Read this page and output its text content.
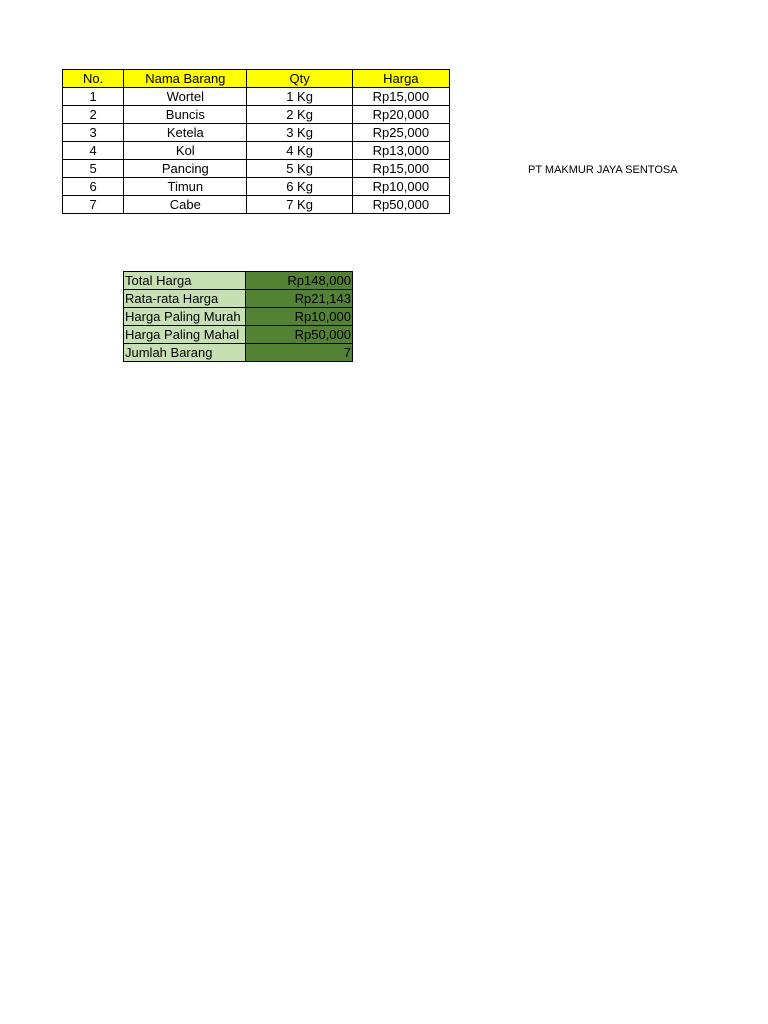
No.	Nama Barang	Qty	Harga
1	Wortel	1 Kg	Rp15,000
2	Buncis	2 Kg	Rp20,000
3	Ketela	3 Kg	Rp25,000
4	Kol	4 Kg	Rp13,000
5	Pancing	5 Kg	Rp15,000
6	Timun	6 Kg	Rp10,000
7	Cabe	7 Kg	Rp50,000
PT MAKMUR JAYA SENTOSA
Total Harga	Rp148,000
Rata-rata Harga	Rp21,143
Harga Paling Murah	Rp10,000
Harga Paling Mahal	Rp50,000
Jumlah Barang	7
